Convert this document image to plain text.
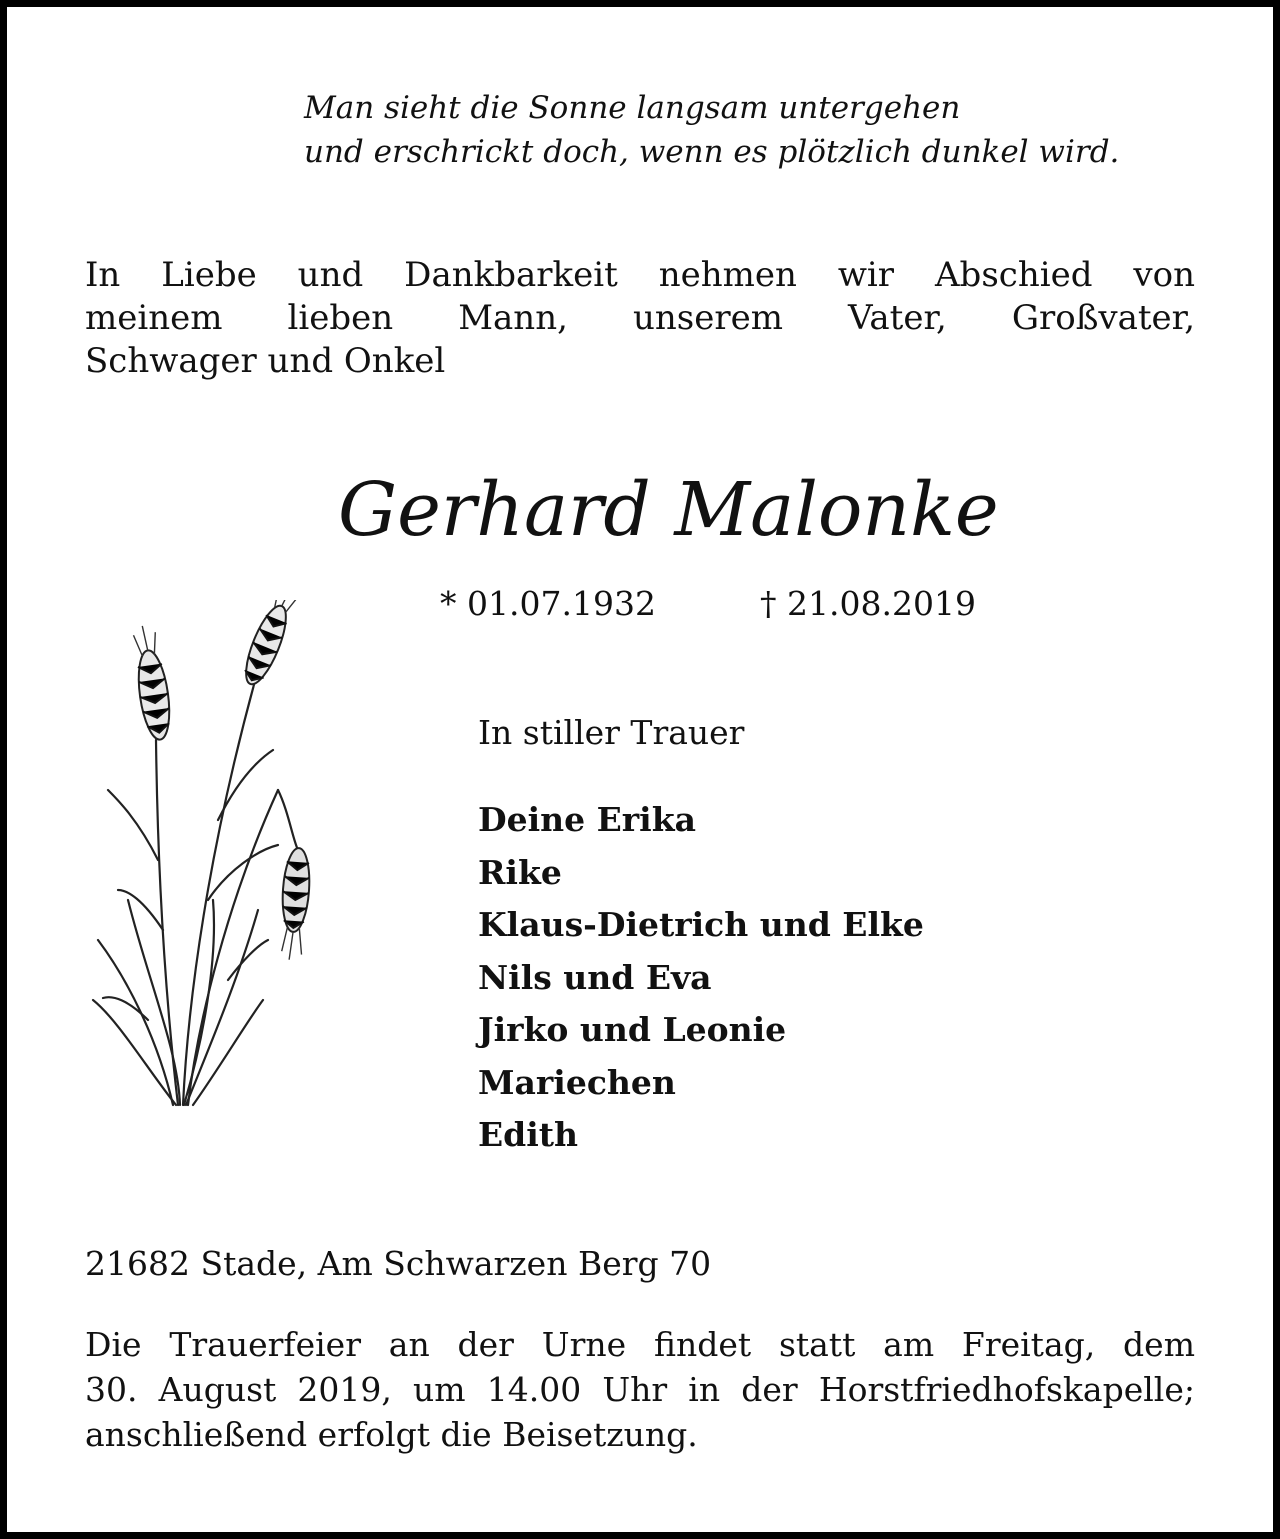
Man sieht die Sonne langsam untergehen
und erschrickt doch, wenn es plötzlich dunkel wird.
In Liebe und Dankbarkeit nehmen wir Abschied von
meinem lieben Mann, unserem Vater, Großvater,
Schwager und Onkel
Gerhard Malonke
* 01.07.1932	† 21.08.2019
In stiller Trauer
Deine Erika
Rike
Klaus-Dietrich und Elke
Nils und Eva
Jirko und Leonie
Mariechen
Edith
21682 Stade, Am Schwarzen Berg 70
Die Trauerfeier an der Urne findet statt am Freitag, dem
30. August 2019, um 14.00 Uhr in der Horstfriedhofskapelle;
anschließend erfolgt die Beisetzung.
